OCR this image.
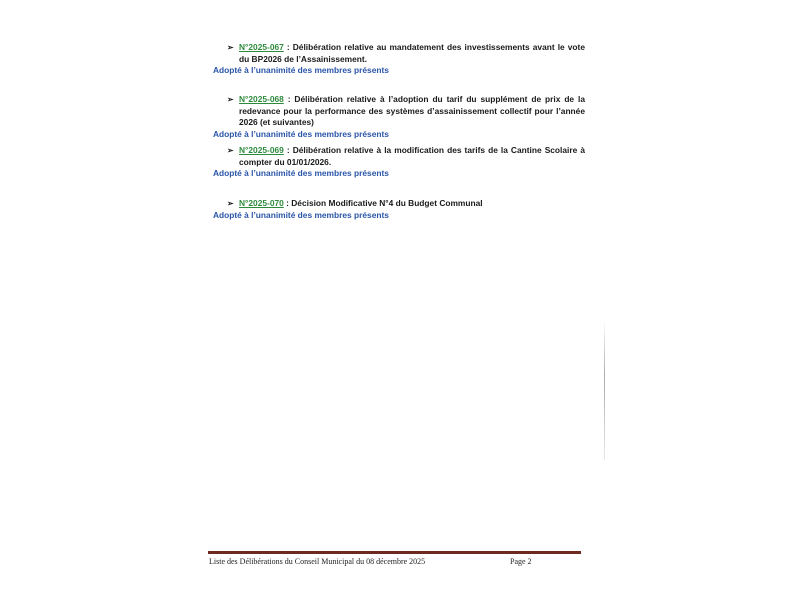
➢ N°2025-067 : Délibération relative au mandatement des investissements avant le vote du BP2026 de l’Assainissement.
Adopté à l’unanimité des membres présents
➢ N°2025-068 : Délibération relative à l’adoption du tarif du supplément de prix de la redevance pour la performance des systèmes d’assainissement collectif pour l’année 2026 (et suivantes)
Adopté à l’unanimité des membres présents
➢ N°2025-069 : Délibération relative à la modification des tarifs de la Cantine Scolaire à compter du 01/01/2026.
Adopté à l’unanimité des membres présents
➢ N°2025-070 : Décision Modificative N°4 du Budget Communal
Adopté à l’unanimité des membres présents
Liste des Délibérations du Conseil Municipal du 08 décembre 2025	Page 2
